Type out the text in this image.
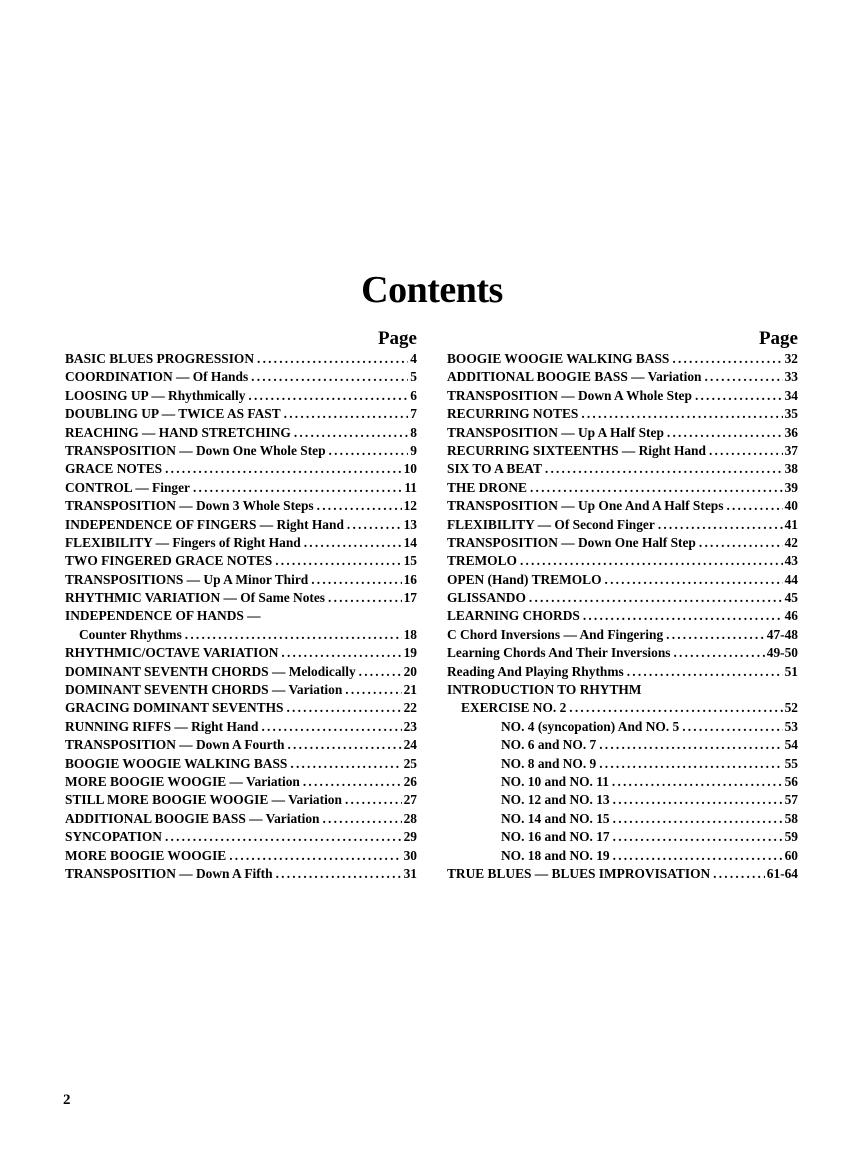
Contents
Page
BASIC BLUES PROGRESSION .....	4
COORDINATION — Of Hands .....	5
LOOSING UP — Rhythmically .....	6
DOUBLING UP — TWICE AS FAST .....	7
REACHING — HAND STRETCHING .....	8
TRANSPOSITION — Down One Whole Step .....	9
GRACE NOTES .....	10
CONTROL — Finger .....	11
TRANSPOSITION — Down 3 Whole Steps .....	12
INDEPENDENCE OF FINGERS — Right Hand .....	13
FLEXIBILITY — Fingers of Right Hand .....	14
TWO FINGERED GRACE NOTES .....	15
TRANSPOSITIONS — Up A Minor Third .....	16
RHYTHMIC VARIATION — Of Same Notes .....	17
INDEPENDENCE OF HANDS —
Counter Rhythms .....	18
RHYTHMIC/OCTAVE VARIATION .....	19
DOMINANT SEVENTH CHORDS — Melodically .....	20
DOMINANT SEVENTH CHORDS — Variation .....	21
GRACING DOMINANT SEVENTHS .....	22
RUNNING RIFFS — Right Hand .....	23
TRANSPOSITION — Down A Fourth .....	24
BOOGIE WOOGIE WALKING BASS .....	25
MORE BOOGIE WOOGIE — Variation .....	26
STILL MORE BOOGIE WOOGIE — Variation .....	27
ADDITIONAL BOOGIE BASS — Variation .....	28
SYNCOPATION .....	29
MORE BOOGIE WOOGIE .....	30
TRANSPOSITION — Down A Fifth .....	31
Page
BOOGIE WOOGIE WALKING BASS .....	32
ADDITIONAL BOOGIE BASS — Variation .....	33
TRANSPOSITION — Down A Whole Step .....	34
RECURRING NOTES .....	35
TRANSPOSITION — Up A Half Step .....	36
RECURRING SIXTEENTHS — Right Hand .....	37
SIX TO A BEAT .....	38
THE DRONE .....	39
TRANSPOSITION — Up One And A Half Steps .....	40
FLEXIBILITY — Of Second Finger .....	41
TRANSPOSITION — Down One Half Step .....	42
TREMOLO .....	43
OPEN (Hand) TREMOLO .....	44
GLISSANDO .....	45
LEARNING CHORDS .....	46
C Chord Inversions — And Fingering .....	47-48
Learning Chords And Their Inversions .....	49-50
Reading And Playing Rhythms .....	51
INTRODUCTION TO RHYTHM
EXERCISE NO. 2 .....	52
NO. 4 (syncopation) And NO. 5 .....	53
NO. 6 and NO. 7 .....	54
NO. 8 and NO. 9 .....	55
NO. 10 and NO. 11 .....	56
NO. 12 and NO. 13 .....	57
NO. 14 and NO. 15 .....	58
NO. 16 and NO. 17 .....	59
NO. 18 and NO. 19 .....	60
TRUE BLUES — BLUES IMPROVISATION .....	61-64
2
